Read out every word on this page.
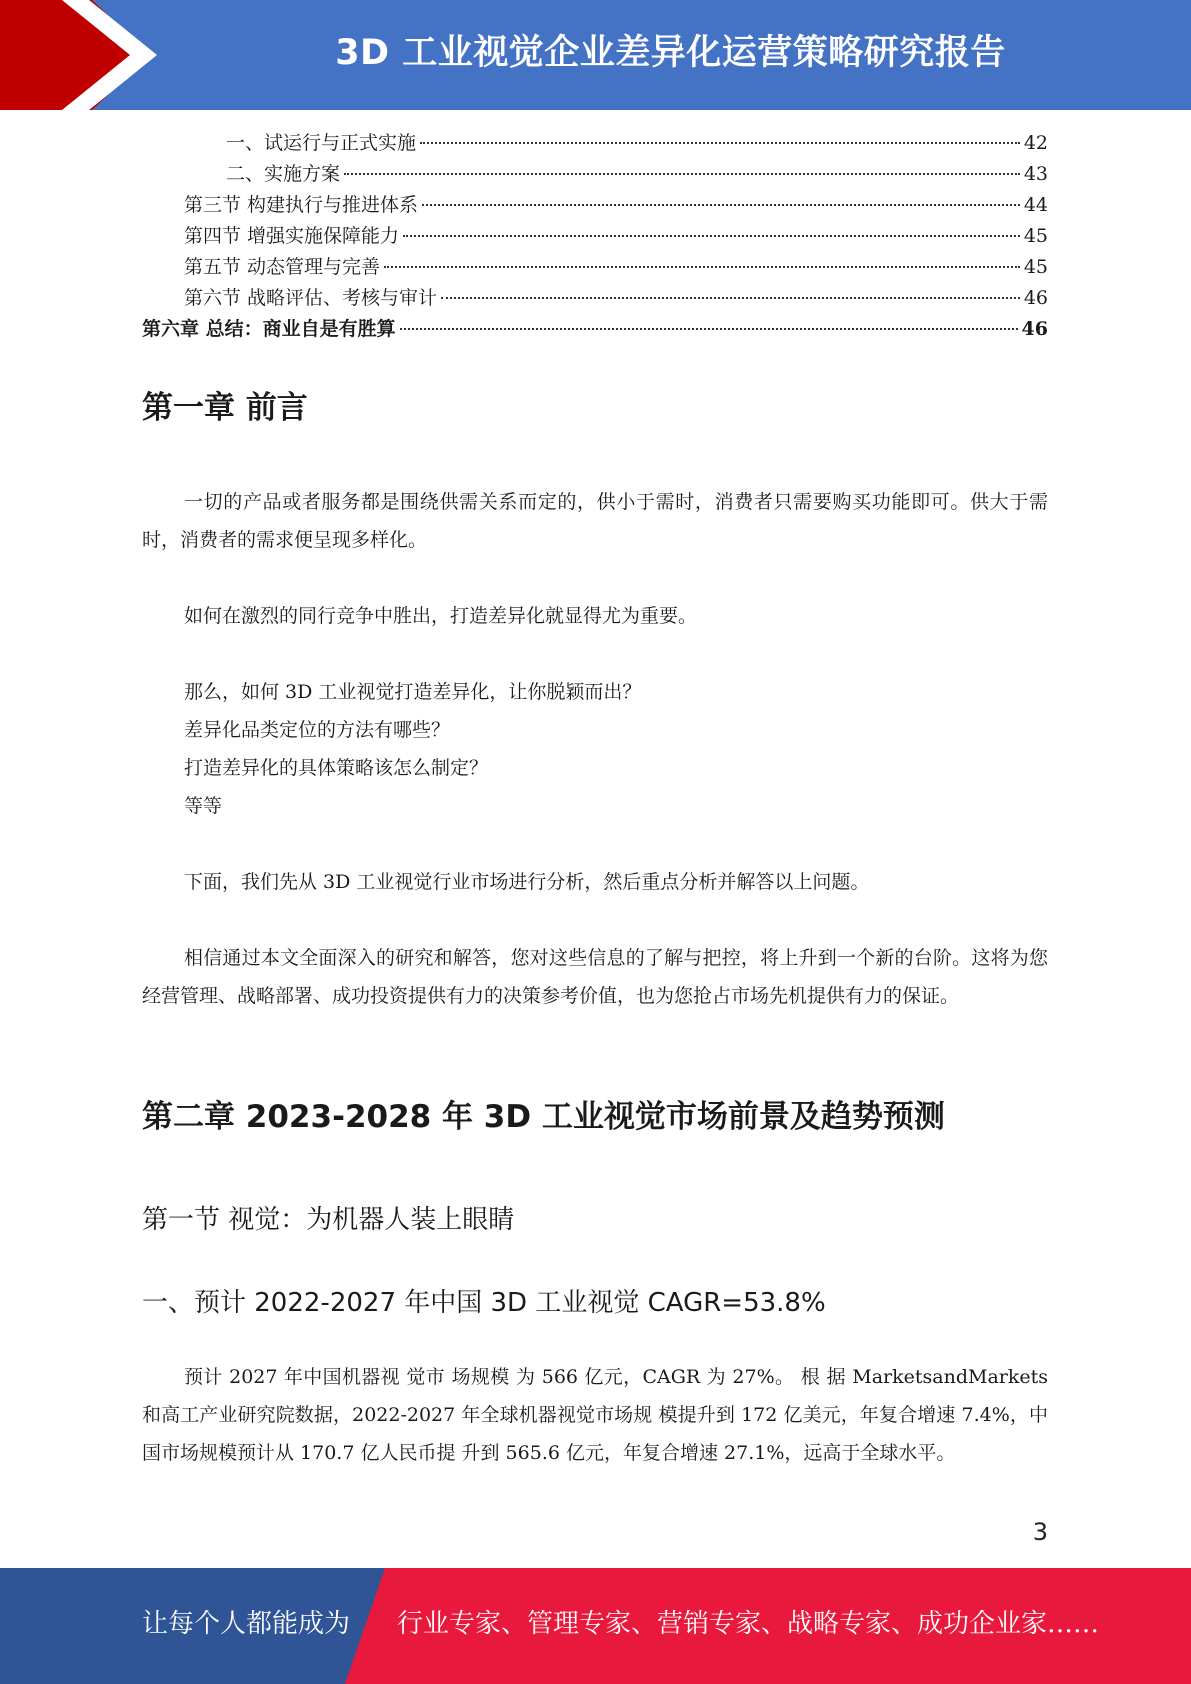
3D 工业视觉企业差异化运营策略研究报告
一、试运行与正式实施	42
二、实施方案	43
第三节 构建执行与推进体系	44
第四节 增强实施保障能力	45
第五节 动态管理与完善	45
第六节 战略评估、考核与审计	46
第六章 总结：商业自是有胜算	46
第一章 前言
一切的产品或者服务都是围绕供需关系而定的，供小于需时，消费者只需要购买功能即可。供大于需时，消费者的需求便呈现多样化。
如何在激烈的同行竞争中胜出，打造差异化就显得尤为重要。
那么，如何 3D 工业视觉打造差异化，让你脱颖而出？
差异化品类定位的方法有哪些？
打造差异化的具体策略该怎么制定？
等等
下面，我们先从 3D 工业视觉行业市场进行分析，然后重点分析并解答以上问题。
相信通过本文全面深入的研究和解答，您对这些信息的了解与把控，将上升到一个新的台阶。这将为您经营管理、战略部署、成功投资提供有力的决策参考价值，也为您抢占市场先机提供有力的保证。
第二章 2023-2028 年 3D 工业视觉市场前景及趋势预测
第一节 视觉：为机器人装上眼睛
一、预计 2022-2027 年中国 3D 工业视觉 CAGR=53.8%
预计 2027 年中国机器视 觉市 场规模 为 566 亿元，CAGR 为 27%。 根 据 MarketsandMarkets 和高工产业研究院数据，2022-2027 年全球机器视觉市场规 模提升到 172 亿美元，年复合增速 7.4%，中国市场规模预计从 170.7 亿人民币提 升到 565.6 亿元，年复合增速 27.1%，远高于全球水平。
3
让每个人都能成为 行业专家、管理专家、营销专家、战略专家、成功企业家……
